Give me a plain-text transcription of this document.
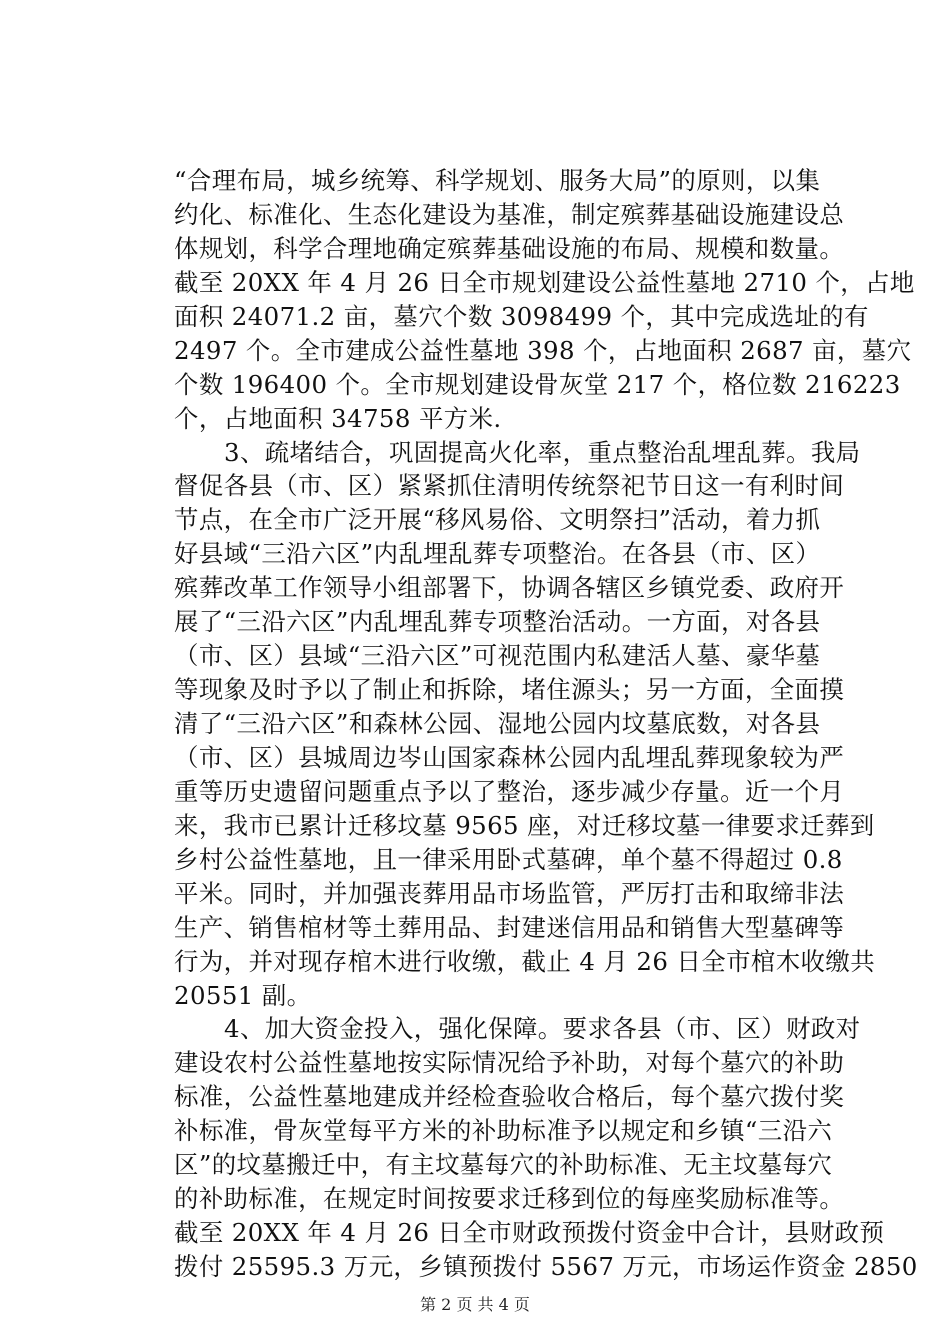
“合理布局，城乡统筹、科学规划、服务大局”的原则，以集
约化、标准化、生态化建设为基准，制定殡葬基础设施建设总
体规划，科学合理地确定殡葬基础设施的布局、规模和数量。
截至 20XX 年 4 月 26 日全市规划建设公益性墓地 2710 个，占地
面积 24071.2 亩，墓穴个数 3098499 个，其中完成选址的有
2497 个。全市建成公益性墓地 398 个，占地面积 2687 亩，墓穴
个数 196400 个。全市规划建设骨灰堂 217 个，格位数 216223
个，占地面积 34758 平方米.
3、疏堵结合，巩固提高火化率，重点整治乱埋乱葬。我局
督促各县（市、区）紧紧抓住清明传统祭祀节日这一有利时间
节点，在全市广泛开展“移风易俗、文明祭扫”活动，着力抓
好县域“三沿六区”内乱埋乱葬专项整治。在各县（市、区）
殡葬改革工作领导小组部署下，协调各辖区乡镇党委、政府开
展了“三沿六区”内乱埋乱葬专项整治活动。一方面，对各县
（市、区）县域“三沿六区”可视范围内私建活人墓、豪华墓
等现象及时予以了制止和拆除，堵住源头；另一方面，全面摸
清了“三沿六区”和森林公园、湿地公园内坟墓底数，对各县
（市、区）县城周边岑山国家森林公园内乱埋乱葬现象较为严
重等历史遗留问题重点予以了整治，逐步减少存量。近一个月
来，我市已累计迁移坟墓 9565 座，对迁移坟墓一律要求迁葬到
乡村公益性墓地，且一律采用卧式墓碑，单个墓不得超过 0.8
平米。同时，并加强丧葬用品市场监管，严厉打击和取缔非法
生产、销售棺材等土葬用品、封建迷信用品和销售大型墓碑等
行为，并对现存棺木进行收缴，截止 4 月 26 日全市棺木收缴共
20551 副。
4、加大资金投入，强化保障。要求各县（市、区）财政对
建设农村公益性墓地按实际情况给予补助，对每个墓穴的补助
标准，公益性墓地建成并经检查验收合格后，每个墓穴拨付奖
补标准，骨灰堂每平方米的补助标准予以规定和乡镇“三沿六
区”的坟墓搬迁中，有主坟墓每穴的补助标准、无主坟墓每穴
的补助标准，在规定时间按要求迁移到位的每座奖励标准等。
截至 20XX 年 4 月 26 日全市财政预拨付资金中合计，县财政预
拨付 25595.3 万元，乡镇预拨付 5567 万元，市场运作资金 2850
第 2 页 共 4 页
